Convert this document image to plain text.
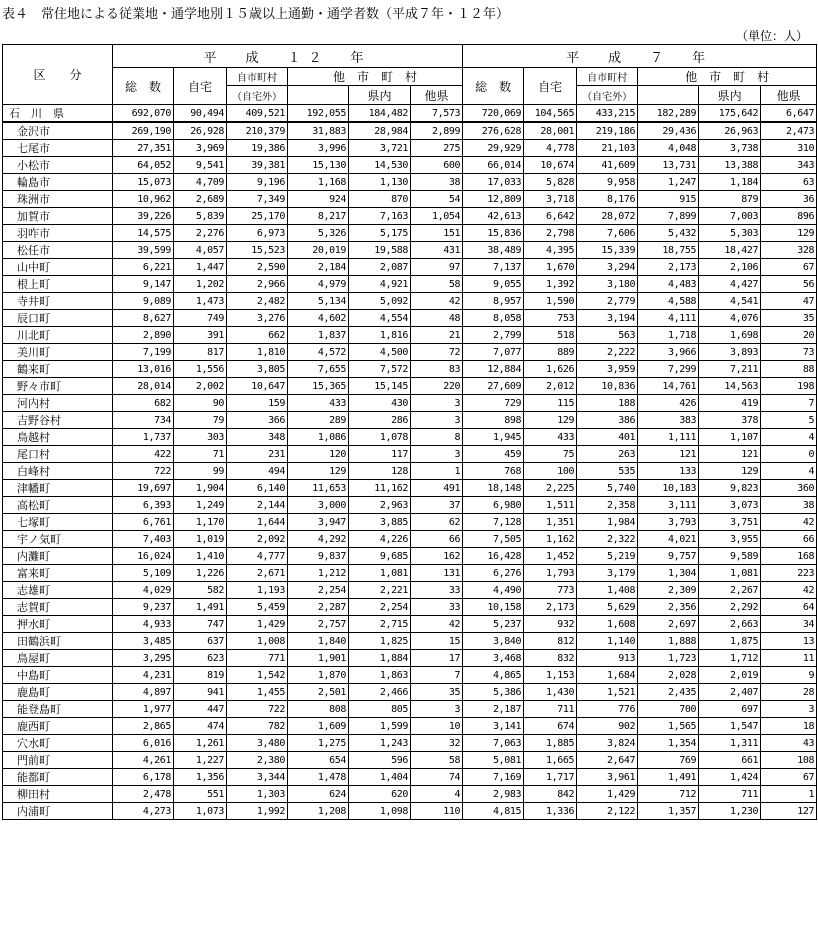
表４　常住地による従業地・通学地別１５歳以上通勤・通学者数（平成７年・１２年）
（単位：人）
区　　分	平　成　１２　年						平　成　７　年					
	総　数	自宅	自市町村	他　市　町　村			総　数	自宅	自市町村	他　市　町　村		
			（自宅外）		県内	他県			（自宅外）		県内	他県
石　川　県	692,070	90,494	409,521	192,055	184,482	7,573	720,069	104,565	433,215	182,289	175,642	6,647
金沢市	269,190	26,928	210,379	31,883	28,984	2,899	276,628	28,001	219,186	29,436	26,963	2,473
七尾市	27,351	3,969	19,386	3,996	3,721	275	29,929	4,778	21,103	4,048	3,738	310
小松市	64,052	9,541	39,381	15,130	14,530	600	66,014	10,674	41,609	13,731	13,388	343
輪島市	15,073	4,709	9,196	1,168	1,130	38	17,033	5,828	9,958	1,247	1,184	63
珠洲市	10,962	2,689	7,349	924	870	54	12,809	3,718	8,176	915	879	36
加賀市	39,226	5,839	25,170	8,217	7,163	1,054	42,613	6,642	28,072	7,899	7,003	896
羽咋市	14,575	2,276	6,973	5,326	5,175	151	15,836	2,798	7,606	5,432	5,303	129
松任市	39,599	4,057	15,523	20,019	19,588	431	38,489	4,395	15,339	18,755	18,427	328
山中町	6,221	1,447	2,590	2,184	2,087	97	7,137	1,670	3,294	2,173	2,106	67
根上町	9,147	1,202	2,966	4,979	4,921	58	9,055	1,392	3,180	4,483	4,427	56
寺井町	9,089	1,473	2,482	5,134	5,092	42	8,957	1,590	2,779	4,588	4,541	47
辰口町	8,627	749	3,276	4,602	4,554	48	8,058	753	3,194	4,111	4,076	35
川北町	2,890	391	662	1,837	1,816	21	2,799	518	563	1,718	1,698	20
美川町	7,199	817	1,810	4,572	4,500	72	7,077	889	2,222	3,966	3,893	73
鶴来町	13,016	1,556	3,805	7,655	7,572	83	12,884	1,626	3,959	7,299	7,211	88
野々市町	28,014	2,002	10,647	15,365	15,145	220	27,609	2,012	10,836	14,761	14,563	198
河内村	682	90	159	433	430	3	729	115	188	426	419	7
吉野谷村	734	79	366	289	286	3	898	129	386	383	378	5
鳥越村	1,737	303	348	1,086	1,078	8	1,945	433	401	1,111	1,107	4
尾口村	422	71	231	120	117	3	459	75	263	121	121	0
白峰村	722	99	494	129	128	1	768	100	535	133	129	4
津幡町	19,697	1,904	6,140	11,653	11,162	491	18,148	2,225	5,740	10,183	9,823	360
高松町	6,393	1,249	2,144	3,000	2,963	37	6,980	1,511	2,358	3,111	3,073	38
七塚町	6,761	1,170	1,644	3,947	3,885	62	7,128	1,351	1,984	3,793	3,751	42
宇ノ気町	7,403	1,019	2,092	4,292	4,226	66	7,505	1,162	2,322	4,021	3,955	66
内灘町	16,024	1,410	4,777	9,837	9,685	162	16,428	1,452	5,219	9,757	9,589	168
富来町	5,109	1,226	2,671	1,212	1,081	131	6,276	1,793	3,179	1,304	1,081	223
志雄町	4,029	582	1,193	2,254	2,221	33	4,490	773	1,408	2,309	2,267	42
志賀町	9,237	1,491	5,459	2,287	2,254	33	10,158	2,173	5,629	2,356	2,292	64
押水町	4,933	747	1,429	2,757	2,715	42	5,237	932	1,608	2,697	2,663	34
田鶴浜町	3,485	637	1,008	1,840	1,825	15	3,840	812	1,140	1,888	1,875	13
鳥屋町	3,295	623	771	1,901	1,884	17	3,468	832	913	1,723	1,712	11
中島町	4,231	819	1,542	1,870	1,863	7	4,865	1,153	1,684	2,028	2,019	9
鹿島町	4,897	941	1,455	2,501	2,466	35	5,386	1,430	1,521	2,435	2,407	28
能登島町	1,977	447	722	808	805	3	2,187	711	776	700	697	3
鹿西町	2,865	474	782	1,609	1,599	10	3,141	674	902	1,565	1,547	18
穴水町	6,016	1,261	3,480	1,275	1,243	32	7,063	1,885	3,824	1,354	1,311	43
門前町	4,261	1,227	2,380	654	596	58	5,081	1,665	2,647	769	661	108
能都町	6,178	1,356	3,344	1,478	1,404	74	7,169	1,717	3,961	1,491	1,424	67
柳田村	2,478	551	1,303	624	620	4	2,983	842	1,429	712	711	1
内浦町	4,273	1,073	1,992	1,208	1,098	110	4,815	1,336	2,122	1,357	1,230	127
